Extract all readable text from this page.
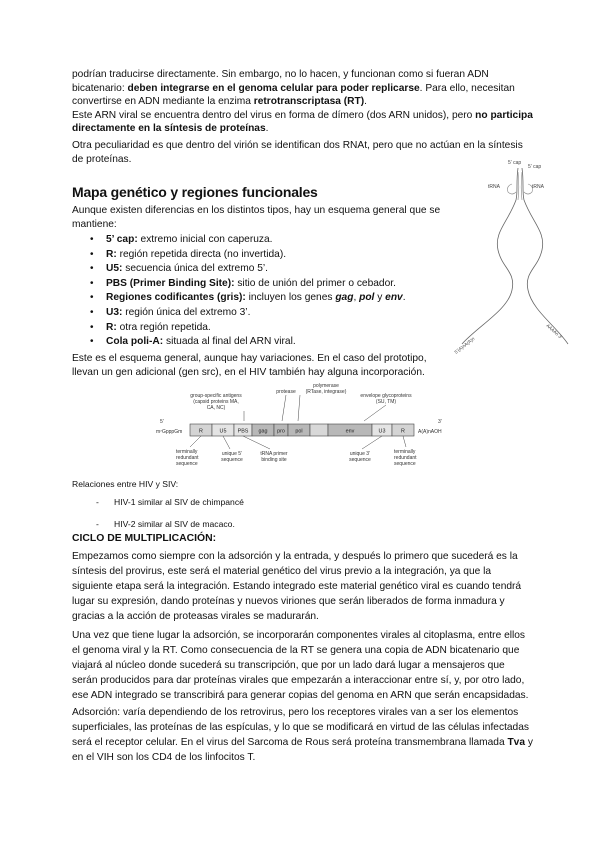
podrían traducirse directamente. Sin embargo, no lo hacen, y funcionan como si fueran ADN

bicatenario: deben integrarse en el genoma celular para poder replicarse. Para ello, necesitan

convertirse en ADN mediante la enzima retrotranscriptasa (RT).

Este ARN viral se encuentra dentro del virus en forma de dímero (dos ARN unidos), pero no participa

directamente en la síntesis de proteínas.

Otra peculiaridad es que dentro del virión se identifican dos RNAt, pero que no actúan en la síntesis

de proteínas.	5’ cap
5’ cap
tRNA	tRNA
5’(A)nA(A)n
AAAAn 3’
Mapa genético y regiones funcionales

Aunque existen diferencias en los distintos tipos, hay un esquema general que se

mantiene:

• 5’ cap: extremo inicial con caperuza.
• R: región repetida directa (no invertida).
• U5: secuencia única del extremo 5’.
• PBS (Primer Binding Site): sitio de unión del primer o cebador.
• Regiones codificantes (gris): incluyen los genes gag, pol y env.
• U3: región única del extremo 3’.
• R: otra región repetida.
• Cola poli-A: situada al final del ARN viral.

Este es el esquema general, aunque hay variaciones. En el caso del prototipo,

llevan un gen adicional (gen src), en el HIV también hay alguna incorporación.

group-specific antigens
(capsid proteins MA,
CA, NC)
protease
polymerase
(RTase, integrase)
envelope glycoproteins
(SU, TM)
5’
m⁷GpppGm
3’
A(A)nAOH
R	U5 PBS gag pro pol	env	U3	R
terminally
redundant
sequence
unique 5’
sequence
tRNA primer
binding site
unique 3’
sequence
terminally
redundant
sequence

Relaciones entre HIV y SIV:

- HIV-1 similar al SIV de chimpancé
- HIV-2 similar al SIV de macaco.
CICLO DE MULTIPLICACIÓN:

Empezamos como siempre con la adsorción y la entrada, y después lo primero que sucederá es la

síntesis del provirus, este será el material genético del virus previo a la integración, ya que la

siguiente etapa será la integración. Estando integrado este material genético viral es cuando tendrá

lugar su expresión, dando proteínas y nuevos viriones que serán liberados de forma inmadura y

gracias a la acción de proteasas virales se madurarán.

Una vez que tiene lugar la adsorción, se incorporarán componentes virales al citoplasma, entre ellos

el genoma viral y la RT. Como consecuencia de la RT se genera una copia de ADN bicatenario que

viajará al núcleo donde sucederá su transcripción, que por un lado dará lugar a mensajeros que

serán producidos para dar proteínas virales que empezarán a interaccionar entre sí, y, por otro lado,

ese ADN integrado se transcribirá para generar copias del genoma en ARN que serán encapsidadas.

Adsorción: varía dependiendo de los retrovirus, pero los receptores virales van a ser los elementos

superficiales, las proteínas de las espículas, y lo que se modificará en virtud de las células infectadas

será el receptor celular. En el virus del Sarcoma de Rous será proteína transmembrana llamada Tva y

en el VIH son los CD4 de los linfocitos T.
